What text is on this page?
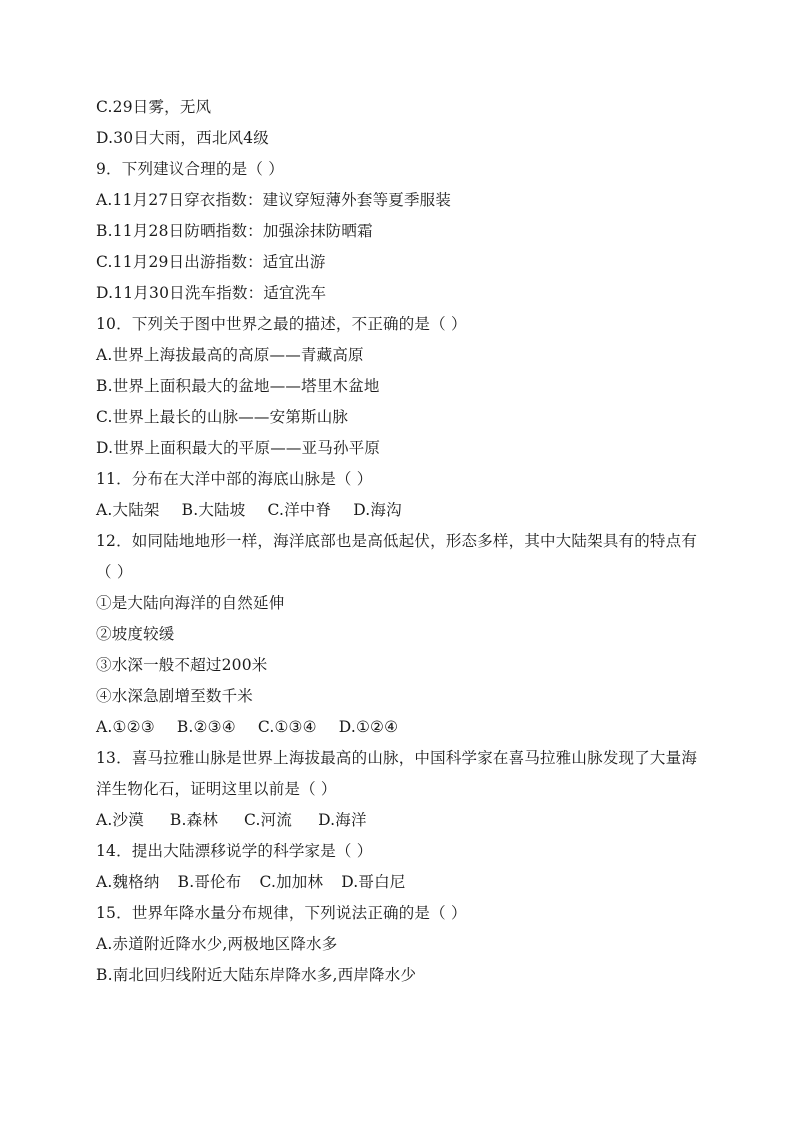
C.29日雾，无风
D.30日大雨，西北风4级
9．下列建议合理的是（ ）
A.11月27日穿衣指数：建议穿短薄外套等夏季服装
B.11月28日防晒指数：加强涂抹防晒霜
C.11月29日出游指数：适宜出游
D.11月30日洗车指数：适宜洗车
10．下列关于图中世界之最的描述，不正确的是（ ）
A.世界上海拔最高的高原——青藏高原
B.世界上面积最大的盆地——塔里木盆地
C.世界上最长的山脉——安第斯山脉
D.世界上面积最大的平原——亚马孙平原
11．分布在大洋中部的海底山脉是（ ）
A.大陆架 B.大陆坡 C.洋中脊 D.海沟
12．如同陆地地形一样，海洋底部也是高低起伏，形态多样，其中大陆架具有的特点有（ ）
①是大陆向海洋的自然延伸
②坡度较缓
③水深一般不超过200米
④水深急剧增至数千米
A.①②③ B.②③④ C.①③④ D.①②④
13．喜马拉雅山脉是世界上海拔最高的山脉，中国科学家在喜马拉雅山脉发现了大量海洋生物化石，证明这里以前是（ ）
A.沙漠 B.森林 C.河流 D.海洋
14．提出大陆漂移说学的科学家是（ ）
A.魏格纳 B.哥伦布 C.加加林 D.哥白尼
15．世界年降水量分布规律，下列说法正确的是（ ）
A.赤道附近降水少,两极地区降水多
B.南北回归线附近大陆东岸降水多,西岸降水少
